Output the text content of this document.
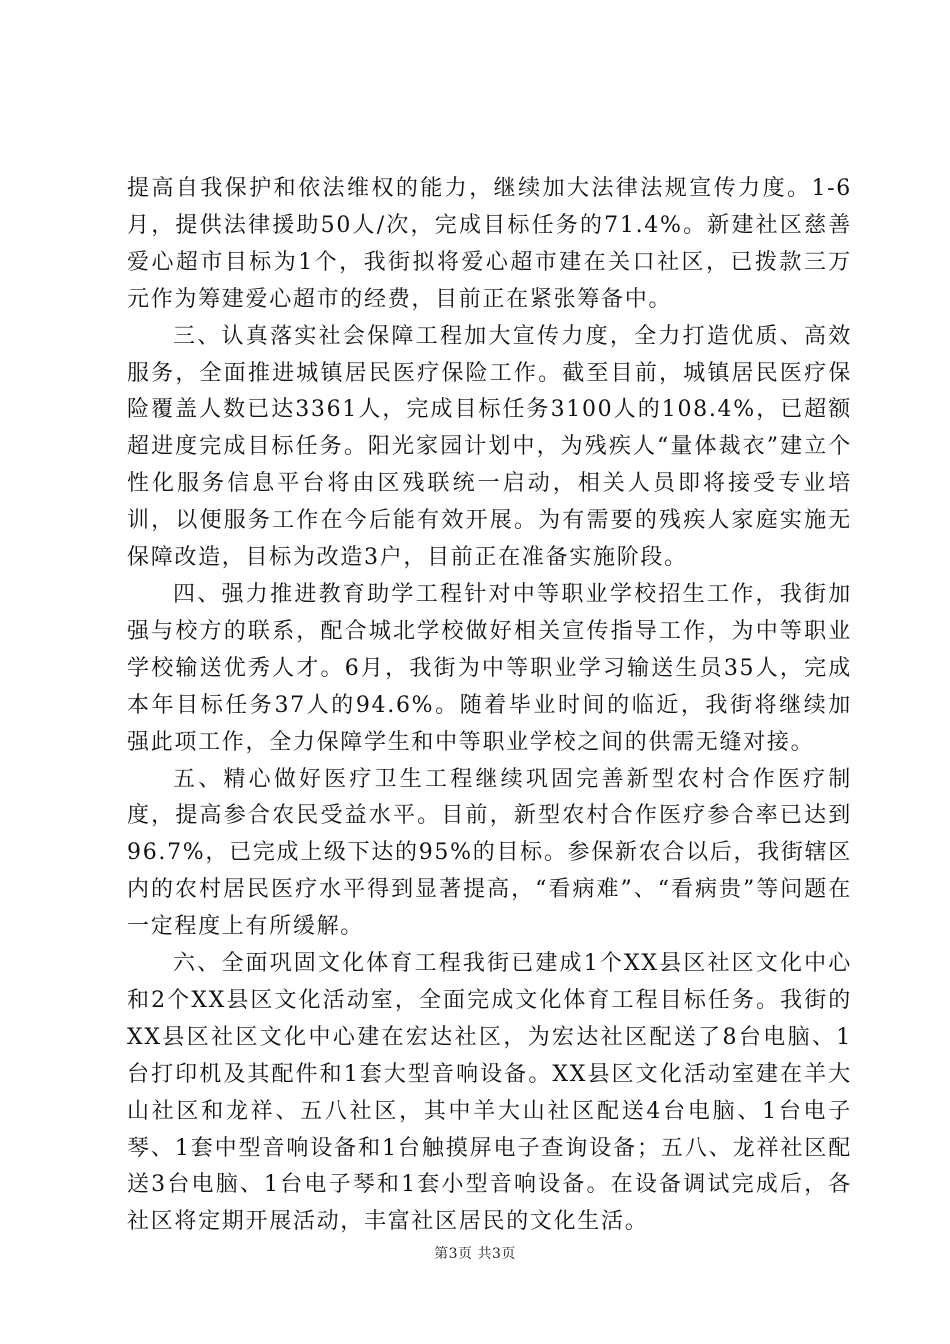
提高自我保护和依法维权的能力，继续加大法律法规宣传力度。1-6月，提供法律援助50人/次，完成目标任务的71.4%。新建社区慈善爱心超市目标为1个，我街拟将爱心超市建在关口社区，已拨款三万元作为筹建爱心超市的经费，目前正在紧张筹备中。

三、认真落实社会保障工程加大宣传力度，全力打造优质、高效服务，全面推进城镇居民医疗保险工作。截至目前，城镇居民医疗保险覆盖人数已达3361人，完成目标任务3100人的108.4%，已超额超进度完成目标任务。阳光家园计划中，为残疾人“量体裁衣”建立个性化服务信息平台将由区残联统一启动，相关人员即将接受专业培训，以便服务工作在今后能有效开展。为有需要的残疾人家庭实施无保障改造，目标为改造3户，目前正在准备实施阶段。

四、强力推进教育助学工程针对中等职业学校招生工作，我街加强与校方的联系，配合城北学校做好相关宣传指导工作，为中等职业学校输送优秀人才。6月，我街为中等职业学习输送生员35人，完成本年目标任务37人的94.6%。随着毕业时间的临近，我街将继续加强此项工作，全力保障学生和中等职业学校之间的供需无缝对接。

五、精心做好医疗卫生工程继续巩固完善新型农村合作医疗制度，提高参合农民受益水平。目前，新型农村合作医疗参合率已达到96.7%，已完成上级下达的95%的目标。参保新农合以后，我街辖区内的农村居民医疗水平得到显著提高，“看病难”、“看病贵”等问题在一定程度上有所缓解。

六、全面巩固文化体育工程我街已建成1个XX县区社区文化中心和2个XX县区文化活动室，全面完成文化体育工程目标任务。我街的XX县区社区文化中心建在宏达社区，为宏达社区配送了8台电脑、1台打印机及其配件和1套大型音响设备。XX县区文化活动室建在羊大山社区和龙祥、五八社区，其中羊大山社区配送4台电脑、1台电子琴、1套中型音响设备和1台触摸屏电子查询设备；五八、龙祥社区配送3台电脑、1台电子琴和1套小型音响设备。在设备调试完成后，各社区将定期开展活动，丰富社区居民的文化生活。

第3页 共3页
